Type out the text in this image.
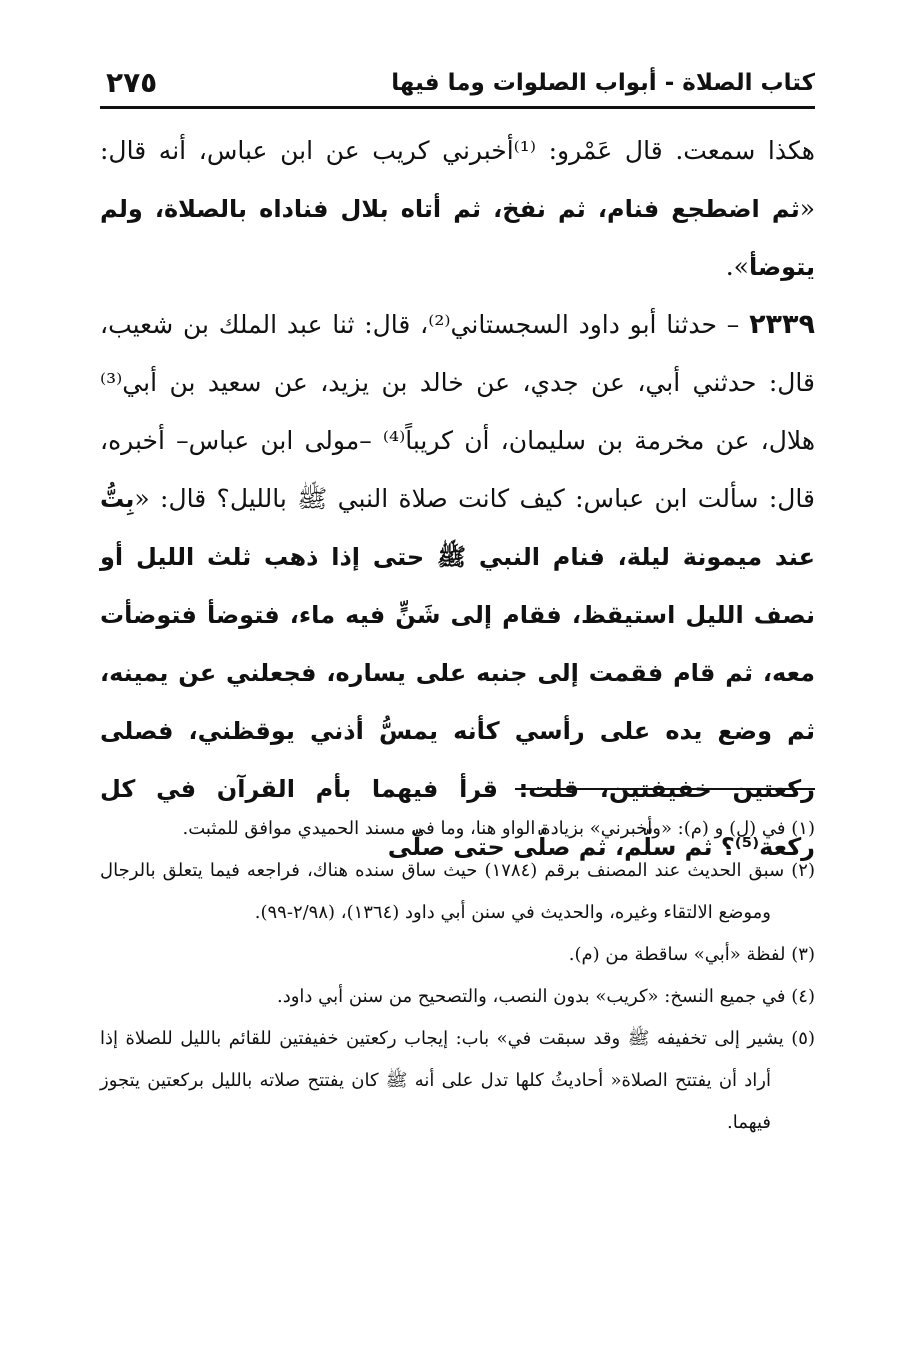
٢٧٥	كتاب الصلاة - أبواب الصلوات وما فيها

هكذا سمعت. قال عَمْرو: ⁽¹⁾أخبرني كريب عن ابن عباس، أنه قال: «ثم اضطجع فنام، ثم نفخ، ثم أتاه بلال فناداه بالصلاة، ولم يتوضأ».

٢٣٣٩ – حدثنا أبو داود السجستاني⁽²⁾، قال: ثنا عبد الملك بن شعيب، قال: حدثني أبي، عن جدي، عن خالد بن يزيد، عن سعيد بن أبي⁽³⁾ هلال، عن مخرمة بن سليمان، أن كريباً⁽⁴⁾ –مولى ابن عباس– أخبره، قال: سألت ابن عباس: كيف كانت صلاة النبي ﷺ بالليل؟ قال: «بِتُّ عند ميمونة ليلة، فنام النبي ﷺ حتى إذا ذهب ثلث الليل أو نصف الليل استيقظ، فقام إلى شَنٍّ فيه ماء، فتوضأ فتوضأت معه، ثم قام فقمت إلى جنبه على يساره، فجعلني عن يمينه، ثم وضع يده على رأسي كأنه يمسُّ أذني يوقظني، فصلى ركعتين خفيفتين، قلت: قرأ فيهما بأم القرآن في كل ركعة⁽⁵⁾؟ ثم سلّم، ثم صلّى حتى صلّى

(١) في (ل) و (م): «وأخبرني» بزيادة الواو هنا، وما في مسند الحميدي موافق للمثبت.

(٢) سبق الحديث عند المصنف برقم (١٧٨٤) حيث ساق سنده هناك، فراجعه فيما يتعلق بالرجال وموضع الالتقاء وغيره، والحديث في سنن أبي داود (١٣٦٤)، (٢/٩٨-٩٩).

(٣) لفظة «أبي» ساقطة من (م).

(٤) في جميع النسخ: «كريب» بدون النصب، والتصحيح من سنن أبي داود.

(٥) يشير إلى تخفيفه ﷺ وقد سبقت في» باب: إيجاب ركعتين خفيفتين للقائم بالليل للصلاة إذا أراد أن يفتتح الصلاة« أحاديثُ كلها تدل على أنه ﷺ كان يفتتح صلاته بالليل بركعتين يتجوز فيهما.
